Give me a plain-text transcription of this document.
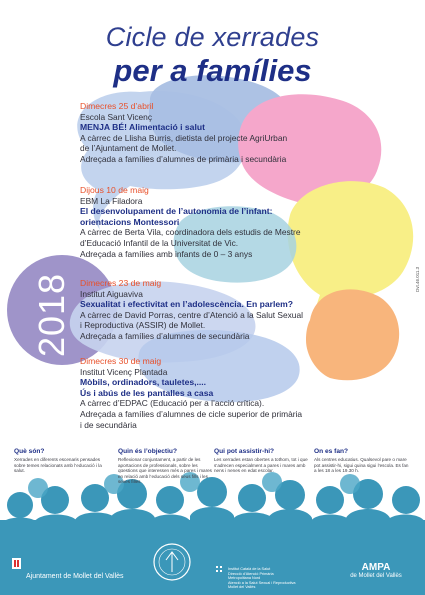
Cicle de xerrades
per a famílies
2018
Dimecres 25 d’abril
Escola Sant Vicenç
MENJA BÉ! Alimentació i salut
A càrrec de Llisha Burris, dietista del projecte AgriUrban
de l’Ajuntament de Mollet.
Adreçada a famílies d’alumnes de primària i secundària
Dijous 10 de maig
EBM La Filadora
El desenvolupament de l’autonomia de l’infant:
orientacions Montessori
A càrrec de Berta Vila, coordinadora dels estudis de Mestre
d’Educació Infantil de la Universitat de Vic.
Adreçada a famílies amb infants de 0 – 3 anys
Dimecres 23 de maig
Institut Aiguaviva
Sexualitat i efectivitat en l’adolescència. En parlem?
A càrrec de David Porras, centre d’Atenció a la Salut Sexual
i Reproductiva (ASSIR) de Mollet.
Adreçada a famílies d’alumnes de secundària
Dimecres 30 de maig
Institut Vicenç Plantada
Mòbils, ordinadors, tauletes,....
Ús i abús de les pantalles a casa
A càrrec d’EDPAC (Educació per a l’acció crítica).
Adreçada a famílies d’alumnes de cicle superior de primària
i de secundària
Dvt.46.011.3
Què són?
Xerrades en diferents escenaris pensades sobre temes relacionats amb l’educació i la salut.
Quin és l’objectiu?
Reflexionar conjuntament, a partir de les aportacions de professionals, sobre les qüestions que interessen més a pares i mares en relació amb l’educació dels seus fills i les seves filles.
Qui pot assistir-hi?
Les xerrades estan obertes a tothom, tot i que s’adrecen especialment a pares i mares amb nens i nenes en edat escolar.
On es fan?
Als centres educatius. Qualsevol pare o mare pot assistir-hi, sigui quina sigui l’escola. Es fan a les 18 a les 19.30 h.
Ajuntament de Mollet del Vallès
Institut Català de la Salut
Direcció d’Atenció Primària
Metropolitana Nord
Atenció a la Salut Sexual i Reproductiva
Mollet del Vallès
AMPA
de Mollet del Vallès
